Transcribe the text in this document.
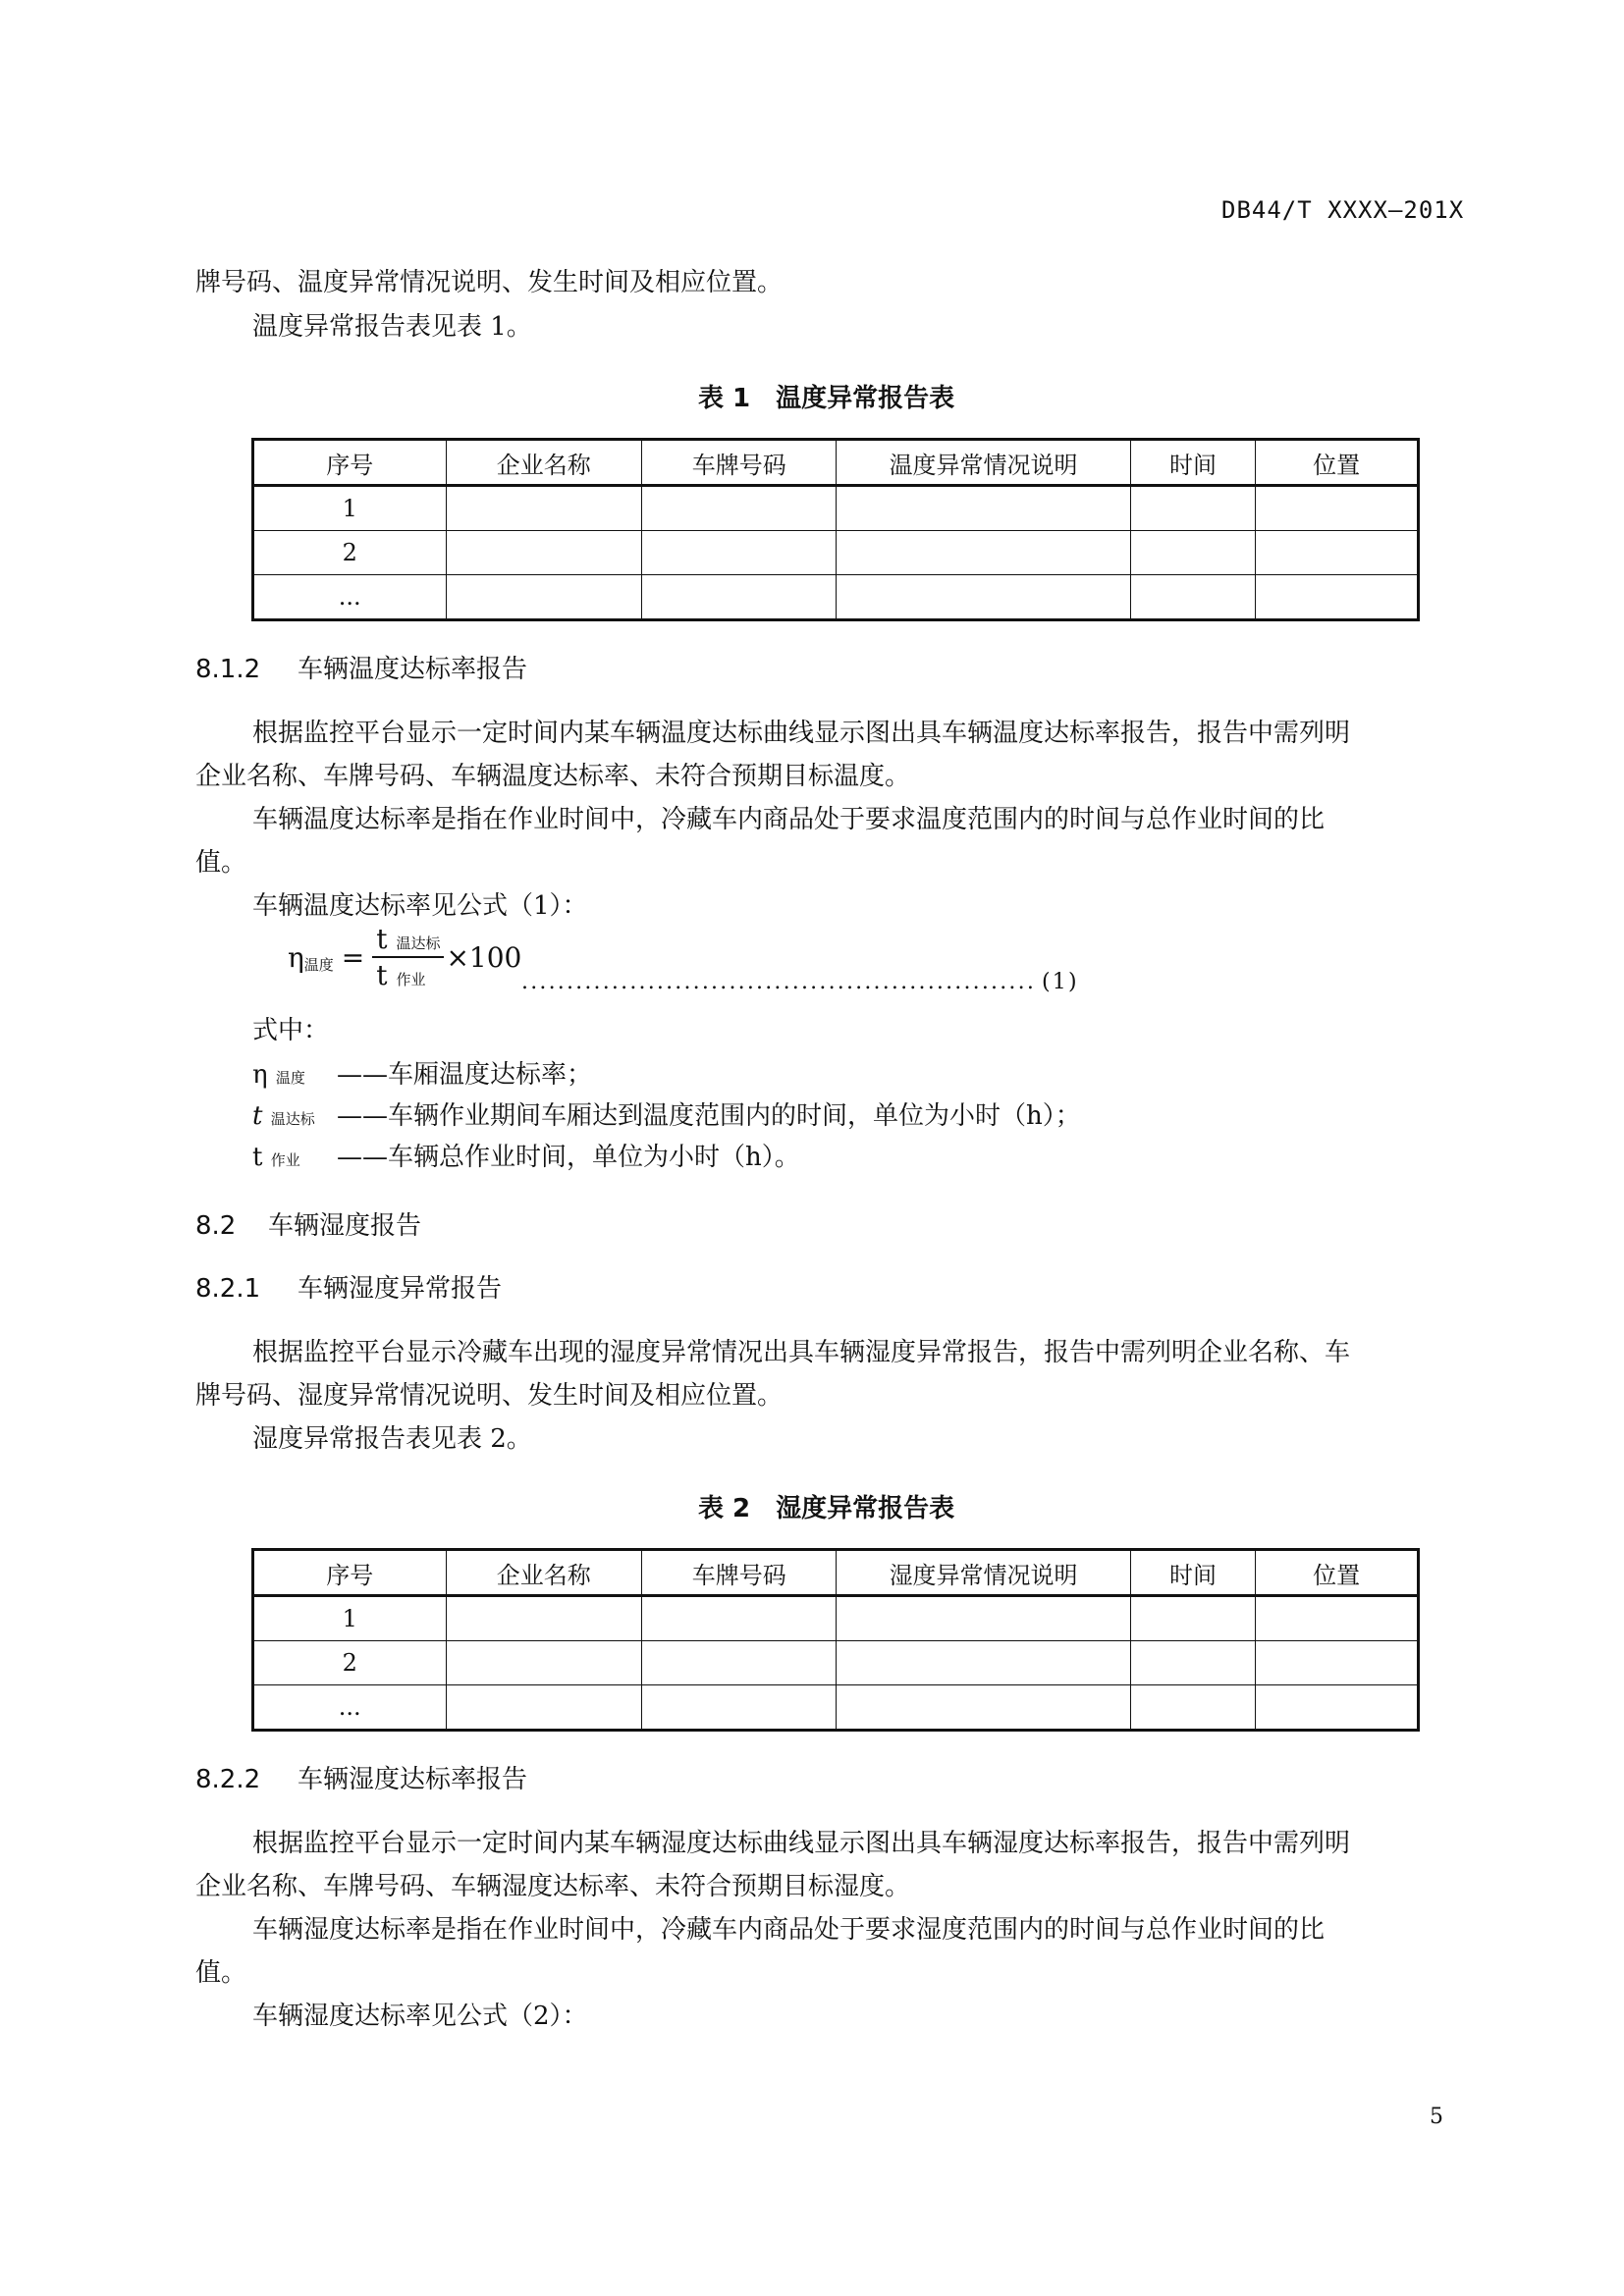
DB44/T XXXX—201X
牌号码、温度异常情况说明、发生时间及相应位置。
温度异常报告表见表 1。
表 1　温度异常报告表
序号	企业名称	车牌号码	温度异常情况说明	时间	位置
1					
2					
...					
8.1.2 车辆温度达标率报告
根据监控平台显示一定时间内某车辆温度达标曲线显示图出具车辆温度达标率报告，报告中需列明
企业名称、车牌号码、车辆温度达标率、未符合预期目标温度。
车辆温度达标率是指在作业时间中，冷藏车内商品处于要求温度范围内的时间与总作业时间的比
值。
车辆温度达标率见公式（1）：
η 温度 =
t 温达标
t 作业
×100
......................................................... (1)
式中：
η 温度 ——车厢温度达标率；
t 温达标 ——车辆作业期间车厢达到温度范围内的时间，单位为小时（h）；
t 作业 ——车辆总作业时间，单位为小时（h）。
8.2 车辆湿度报告
8.2.1 车辆湿度异常报告
根据监控平台显示冷藏车出现的湿度异常情况出具车辆湿度异常报告，报告中需列明企业名称、车
牌号码、湿度异常情况说明、发生时间及相应位置。
湿度异常报告表见表 2。
表 2　湿度异常报告表
序号	企业名称	车牌号码	湿度异常情况说明	时间	位置
1					
2					
...					
8.2.2 车辆湿度达标率报告
根据监控平台显示一定时间内某车辆湿度达标曲线显示图出具车辆湿度达标率报告，报告中需列明
企业名称、车牌号码、车辆湿度达标率、未符合预期目标湿度。
车辆湿度达标率是指在作业时间中，冷藏车内商品处于要求湿度范围内的时间与总作业时间的比
值。
车辆湿度达标率见公式（2）：
5
